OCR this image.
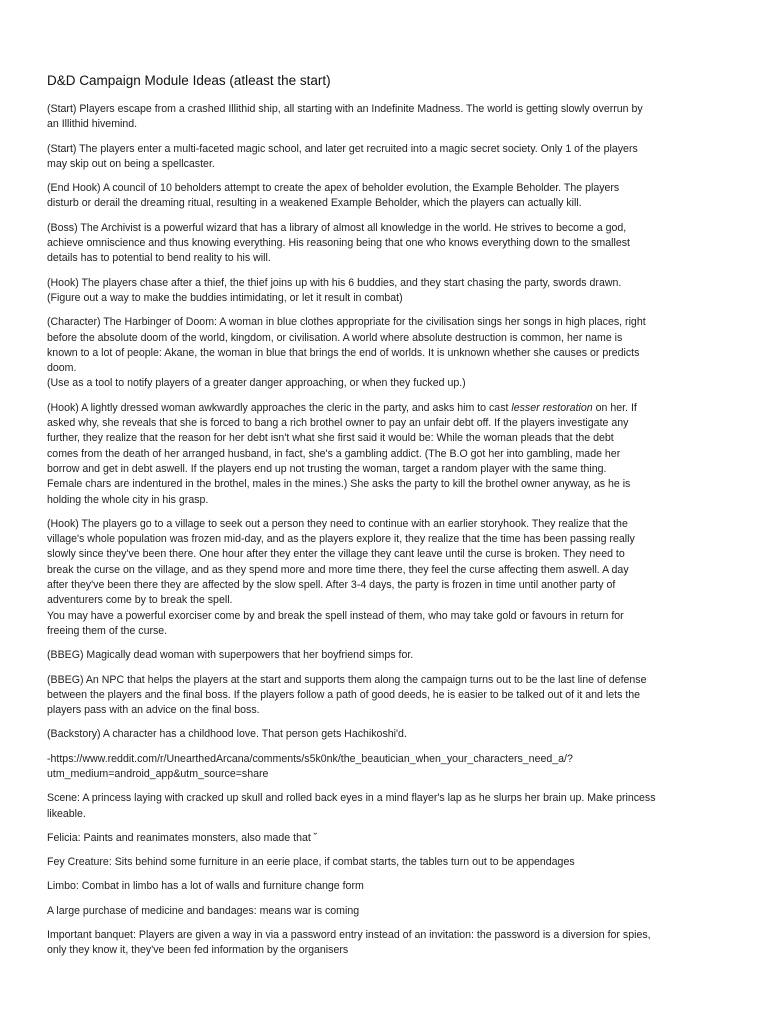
D&D Campaign Module Ideas (atleast the start)
(Start) Players escape from a crashed Illithid ship, all starting with an Indefinite Madness. The world is getting slowly overrun by
an Illithid hivemind.
(Start) The players enter a multi-faceted magic school, and later get recruited into a magic secret society. Only 1 of the players
may skip out on being a spellcaster.
(End Hook) A council of 10 beholders attempt to create the apex of beholder evolution, the Example Beholder. The players
disturb or derail the dreaming ritual, resulting in a weakened Example Beholder, which the players can actually kill.
(Boss) The Archivist is a powerful wizard that has a library of almost all knowledge in the world. He strives to become a god,
achieve omniscience and thus knowing everything. His reasoning being that one who knows everything down to the smallest
details has to potential to bend reality to his will.
(Hook) The players chase after a thief, the thief joins up with his 6 buddies, and they start chasing the party, swords drawn.
(Figure out a way to make the buddies intimidating, or let it result in combat)
(Character) The Harbinger of Doom: A woman in blue clothes appropriate for the civilisation sings her songs in high places, right
before the absolute doom of the world, kingdom, or civilisation. A world where absolute destruction is common, her name is
known to a lot of people: Akane, the woman in blue that brings the end of worlds. It is unknown whether she causes or predicts
doom.
(Use as a tool to notify players of a greater danger approaching, or when they fucked up.)
(Hook) A lightly dressed woman awkwardly approaches the cleric in the party, and asks him to cast lesser restoration on her. If
asked why, she reveals that she is forced to bang a rich brothel owner to pay an unfair debt off. If the players investigate any
further, they realize that the reason for her debt isn't what she first said it would be: While the woman pleads that the debt
comes from the death of her arranged husband, in fact, she's a gambling addict. (The B.O got her into gambling, made her
borrow and get in debt aswell. If the players end up not trusting the woman, target a random player with the same thing.
Female chars are indentured in the brothel, males in the mines.) She asks the party to kill the brothel owner anyway, as he is
holding the whole city in his grasp.
(Hook) The players go to a village to seek out a person they need to continue with an earlier storyhook. They realize that the
village's whole population was frozen mid-day, and as the players explore it, they realize that the time has been passing really
slowly since they've been there. One hour after they enter the village they cant leave until the curse is broken. They need to
break the curse on the village, and as they spend more and more time there, they feel the curse affecting them aswell. A day
after they've been there they are affected by the slow spell. After 3-4 days, the party is frozen in time until another party of
adventurers come by to break the spell.
You may have a powerful exorciser come by and break the spell instead of them, who may take gold or favours in return for
freeing them of the curse.
(BBEG) Magically dead woman with superpowers that her boyfriend simps for.
(BBEG) An NPC that helps the players at the start and supports them along the campaign turns out to be the last line of defense
between the players and the final boss. If the players follow a path of good deeds, he is easier to be talked out of it and lets the
players pass with an advice on the final boss.
(Backstory) A character has a childhood love. That person gets Hachikoshi'd.
-https://www.reddit.com/r/UnearthedArcana/comments/s5k0nk/the_beautician_when_your_characters_need_a/?
utm_medium=android_app&utm_source=share
Scene: A princess laying with cracked up skull and rolled back eyes in a mind flayer's lap as he slurps her brain up. Make princess
likeable.
Felicia: Paints and reanimates monsters, also made that ˘
Fey Creature: Sits behind some furniture in an eerie place, if combat starts, the tables turn out to be appendages
Limbo: Combat in limbo has a lot of walls and furniture change form
A large purchase of medicine and bandages: means war is coming
Important banquet: Players are given a way in via a password entry instead of an invitation: the password is a diversion for spies,
only they know it, they've been fed information by the organisers
